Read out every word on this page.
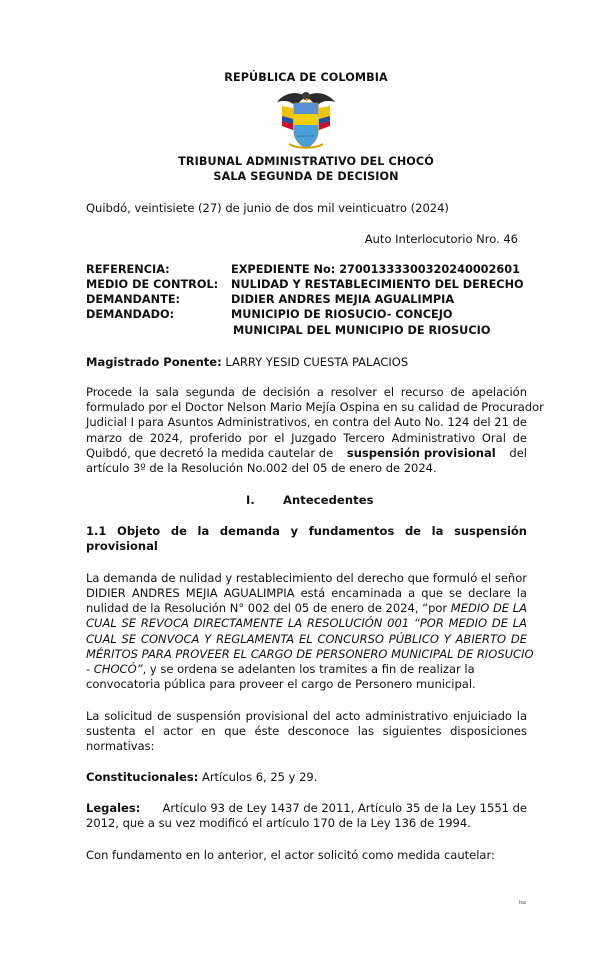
REPÚBLICA DE COLOMBIA
TRIBUNAL ADMINISTRATIVO DEL CHOCÓ
SALA SEGUNDA DE DECISION
Quibdó, veintisiete (27) de junio de dos mil veinticuatro (2024)
Auto Interlocutorio Nro. 46
REFERENCIA:	EXPEDIENTE No: 27001333300320240002601
MEDIO DE CONTROL: NULIDAD Y RESTABLECIMIENTO DEL DERECHO
DEMANDANTE:	DIDIER ANDRES MEJIA AGUALIMPIA
DEMANDADO:	MUNICIPIO DE RIOSUCIO- CONCEJO
MUNICIPAL DEL MUNICIPIO DE RIOSUCIO
Magistrado Ponente: LARRY YESID CUESTA PALACIOS
Procede la sala segunda de decisión a resolver el recurso de apelación
formulado por el Doctor Nelson Mario Mejía Ospina en su calidad de Procurador
Judicial I para Asuntos Administrativos, en contra del Auto No. 124 del 21 de
marzo de 2024, proferido por el Juzgado Tercero Administrativo Oral de
Quibdó, que decretó la medida cautelar de suspensión provisional del
artículo 3º de la Resolución No.002 del 05 de enero de 2024.
I. Antecedentes
1.1 Objeto de la demanda y fundamentos de la suspensión
provisional
La demanda de nulidad y restablecimiento del derecho que formuló el señor
DIDIER ANDRES MEJIA AGUALIMPIA está encaminada a que se declare la
nulidad de la Resolución N° 002 del 05 de enero de 2024, “por MEDIO DE LA
CUAL SE REVOCA DIRECTAMENTE LA RESOLUCIÓN 001 “POR MEDIO DE LA
CUAL SE CONVOCA Y REGLAMENTA EL CONCURSO PÚBLICO Y ABIERTO DE
MÉRITOS PARA PROVEER EL CARGO DE PERSONERO MUNICIPAL DE RIOSUCIO
- CHOCÓ”, y se ordena se adelanten los tramites a fin de realizar la
convocatoria pública para proveer el cargo de Personero municipal.
La solicitud de suspensión provisional del acto administrativo enjuiciado la
sustenta el actor en que éste desconoce las siguientes disposiciones
normativas:
Constitucionales: Artículos 6, 25 y 29.
Legales: Artículo 93 de Ley 1437 de 2011, Artículo 35 de la Ley 1551 de
2012, que a su vez modificó el artículo 170 de la Ley 136 de 1994.
Con fundamento en lo anterior, el actor solicitó como medida cautelar:
lsa
